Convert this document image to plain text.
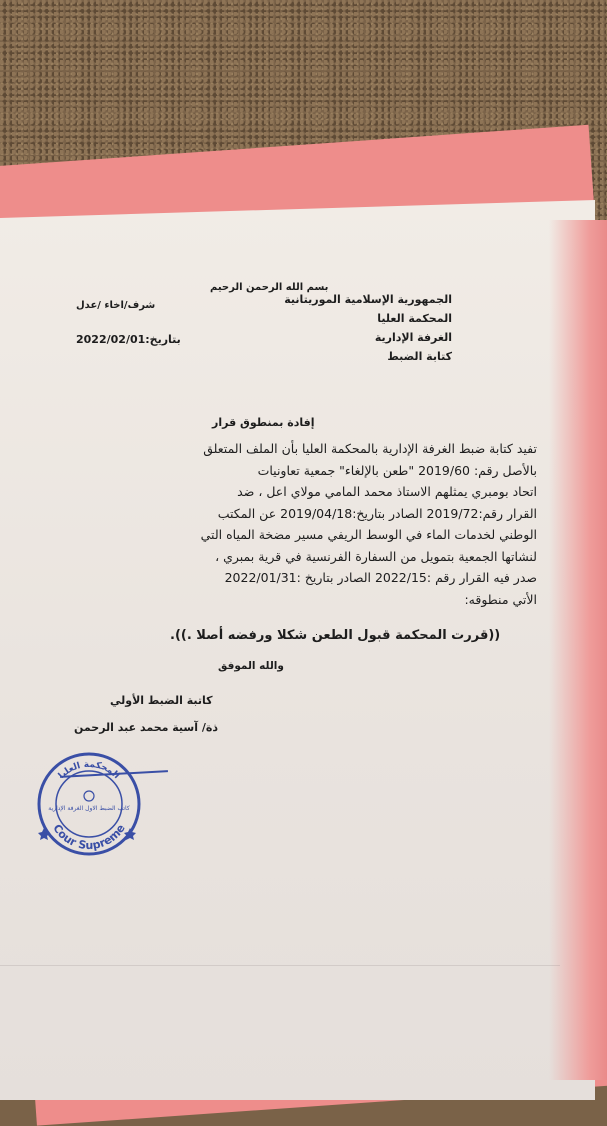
بسم الله الرحمن الرحيم
الجمهورية الإسلامية الموريتانية
المحكمة العليا
الغرفة الإدارية
كتابة الضبط
شرف/اخاء /عدل
بتاريخ:2022/02/01
إفادة بمنطوق قرار
تفيد كتابة ضبط الغرفة الإدارية بالمحكمة العليا بأن الملف المتعلق
بالأصل رقم: 2019/60 "طعن بالإلغاء" جمعية تعاونيات
اتحاد بومبري يمثلهم الاستاذ محمد المامي مولاي اعل ، ضد
القرار رقم:2019/72 الصادر بتاريخ:2019/04/18 عن المكتب
الوطني لخدمات الماء في الوسط الريفي مسير مضخة المياه التي
لنشاتها الجمعية بتمويل من السفارة الفرنسية في قرية بمبري ،
صدر فيه القرار رقم :2022/15 الصادر بتاريخ :2022/01/31
الأتي منطوقه:
((قررت المحكمة قبول الطعن شكلا ورفضه أصلا .)).
والله الموفق
كاتبة الضبط الأولي
ذة/ آسية محمد عبد الرحمن
المحكمة العليا
Cour Supreme
كاتب الضبط الاول الغرفة الإدارية
